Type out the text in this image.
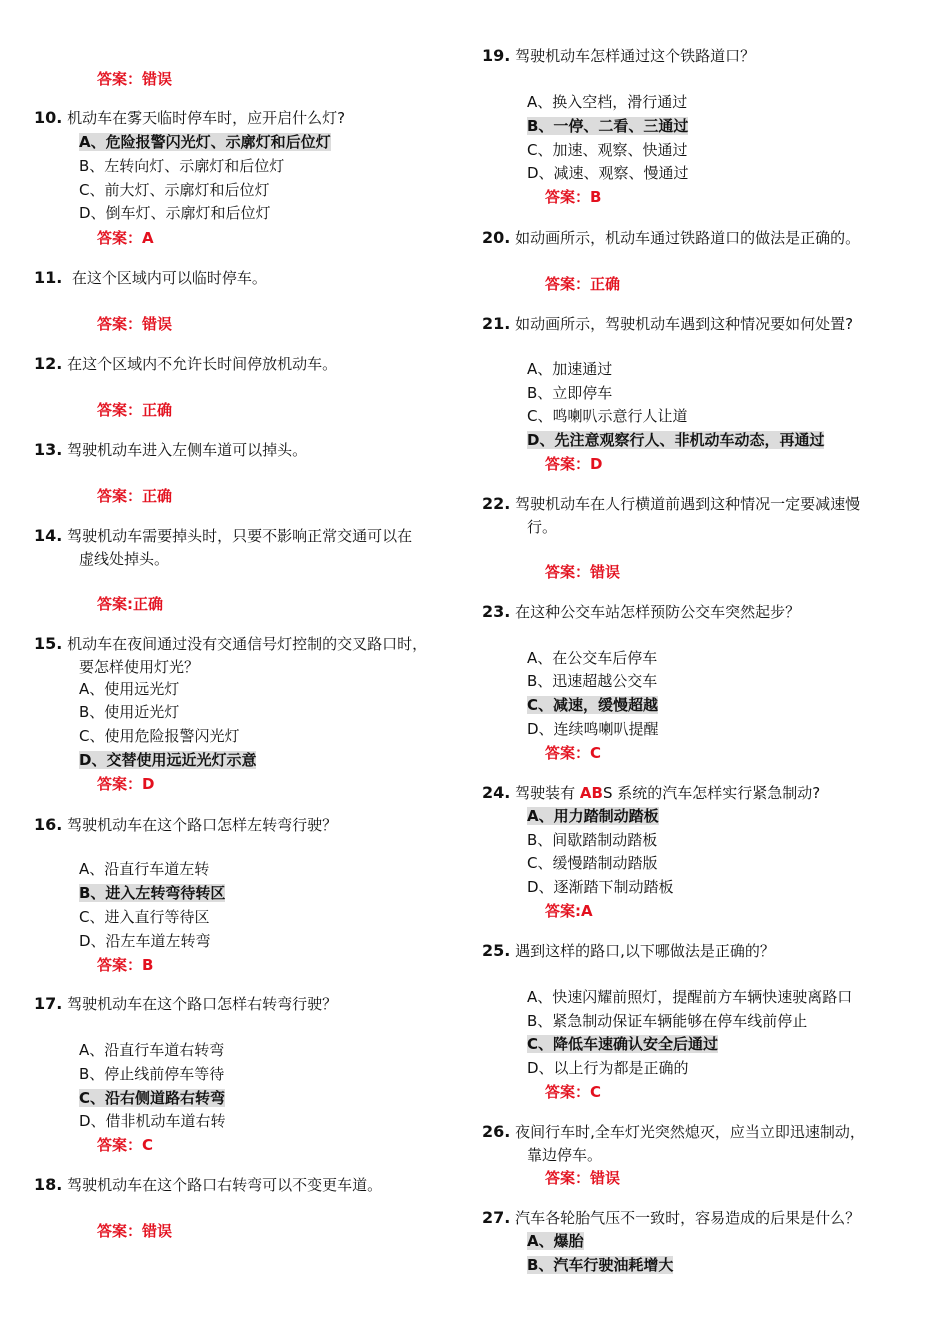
答案：错误
10. 机动车在雾天临时停车时，应开启什么灯?
A、危险报警闪光灯、示廓灯和后位灯
B、左转向灯、示廓灯和后位灯
C、前大灯、示廓灯和后位灯
D、倒车灯、示廓灯和后位灯
答案：A
11. 在这个区域内可以临时停车。
答案：错误
12. 在这个区域内不允许长时间停放机动车。
答案：正确
13. 驾驶机动车进入左侧车道可以掉头。
答案：正确
14. 驾驶机动车需要掉头时，只要不影响正常交通可以在
虚线处掉头。
答案:正确
15. 机动车在夜间通过没有交通信号灯控制的交叉路口时，
要怎样使用灯光？
A、使用远光灯
B、使用近光灯
C、使用危险报警闪光灯
D、交替使用远近光灯示意
答案：D
16. 驾驶机动车在这个路口怎样左转弯行驶？
A、沿直行车道左转
B、进入左转弯待转区
C、进入直行等待区
D、沿左车道左转弯
答案：B
17. 驾驶机动车在这个路口怎样右转弯行驶？
A、沿直行车道右转弯
B、停止线前停车等待
C、沿右侧道路右转弯
D、借非机动车道右转
答案：C
18. 驾驶机动车在这个路口右转弯可以不变更车道。
答案：错误
19. 驾驶机动车怎样通过这个铁路道口？
A、换入空档，滑行通过
B、一停、二看、三通过
C、加速、观察、快通过
D、减速、观察、慢通过
答案：B
20. 如动画所示，机动车通过铁路道口的做法是正确的。
答案：正确
21. 如动画所示，驾驶机动车遇到这种情况要如何处置?
A、加速通过
B、立即停车
C、鸣喇叭示意行人让道
D、先注意观察行人、非机动车动态，再通过
答案：D
22. 驾驶机动车在人行横道前遇到这种情况一定要减速慢
行。
答案：错误
23. 在这种公交车站怎样预防公交车突然起步？
A、在公交车后停车
B、迅速超越公交车
C、减速，缓慢超越
D、连续鸣喇叭提醒
答案：C
24. 驾驶装有 ABS 系统的汽车怎样实行紧急制动?
A、用力踏制动踏板
B、间歇踏制动踏板
C、缓慢踏制动踏版
D、逐渐踏下制动踏板
答案:A
25. 遇到这样的路口,以下哪做法是正确的？
A、快速闪耀前照灯，提醒前方车辆快速驶离路口
B、紧急制动保证车辆能够在停车线前停止
C、降低车速确认安全后通过
D、以上行为都是正确的
答案：C
26. 夜间行车时,全车灯光突然熄灭，应当立即迅速制动，
靠边停车。
答案：错误
27. 汽车各轮胎气压不一致时，容易造成的后果是什么？
A、爆胎
B、汽车行驶油耗增大
